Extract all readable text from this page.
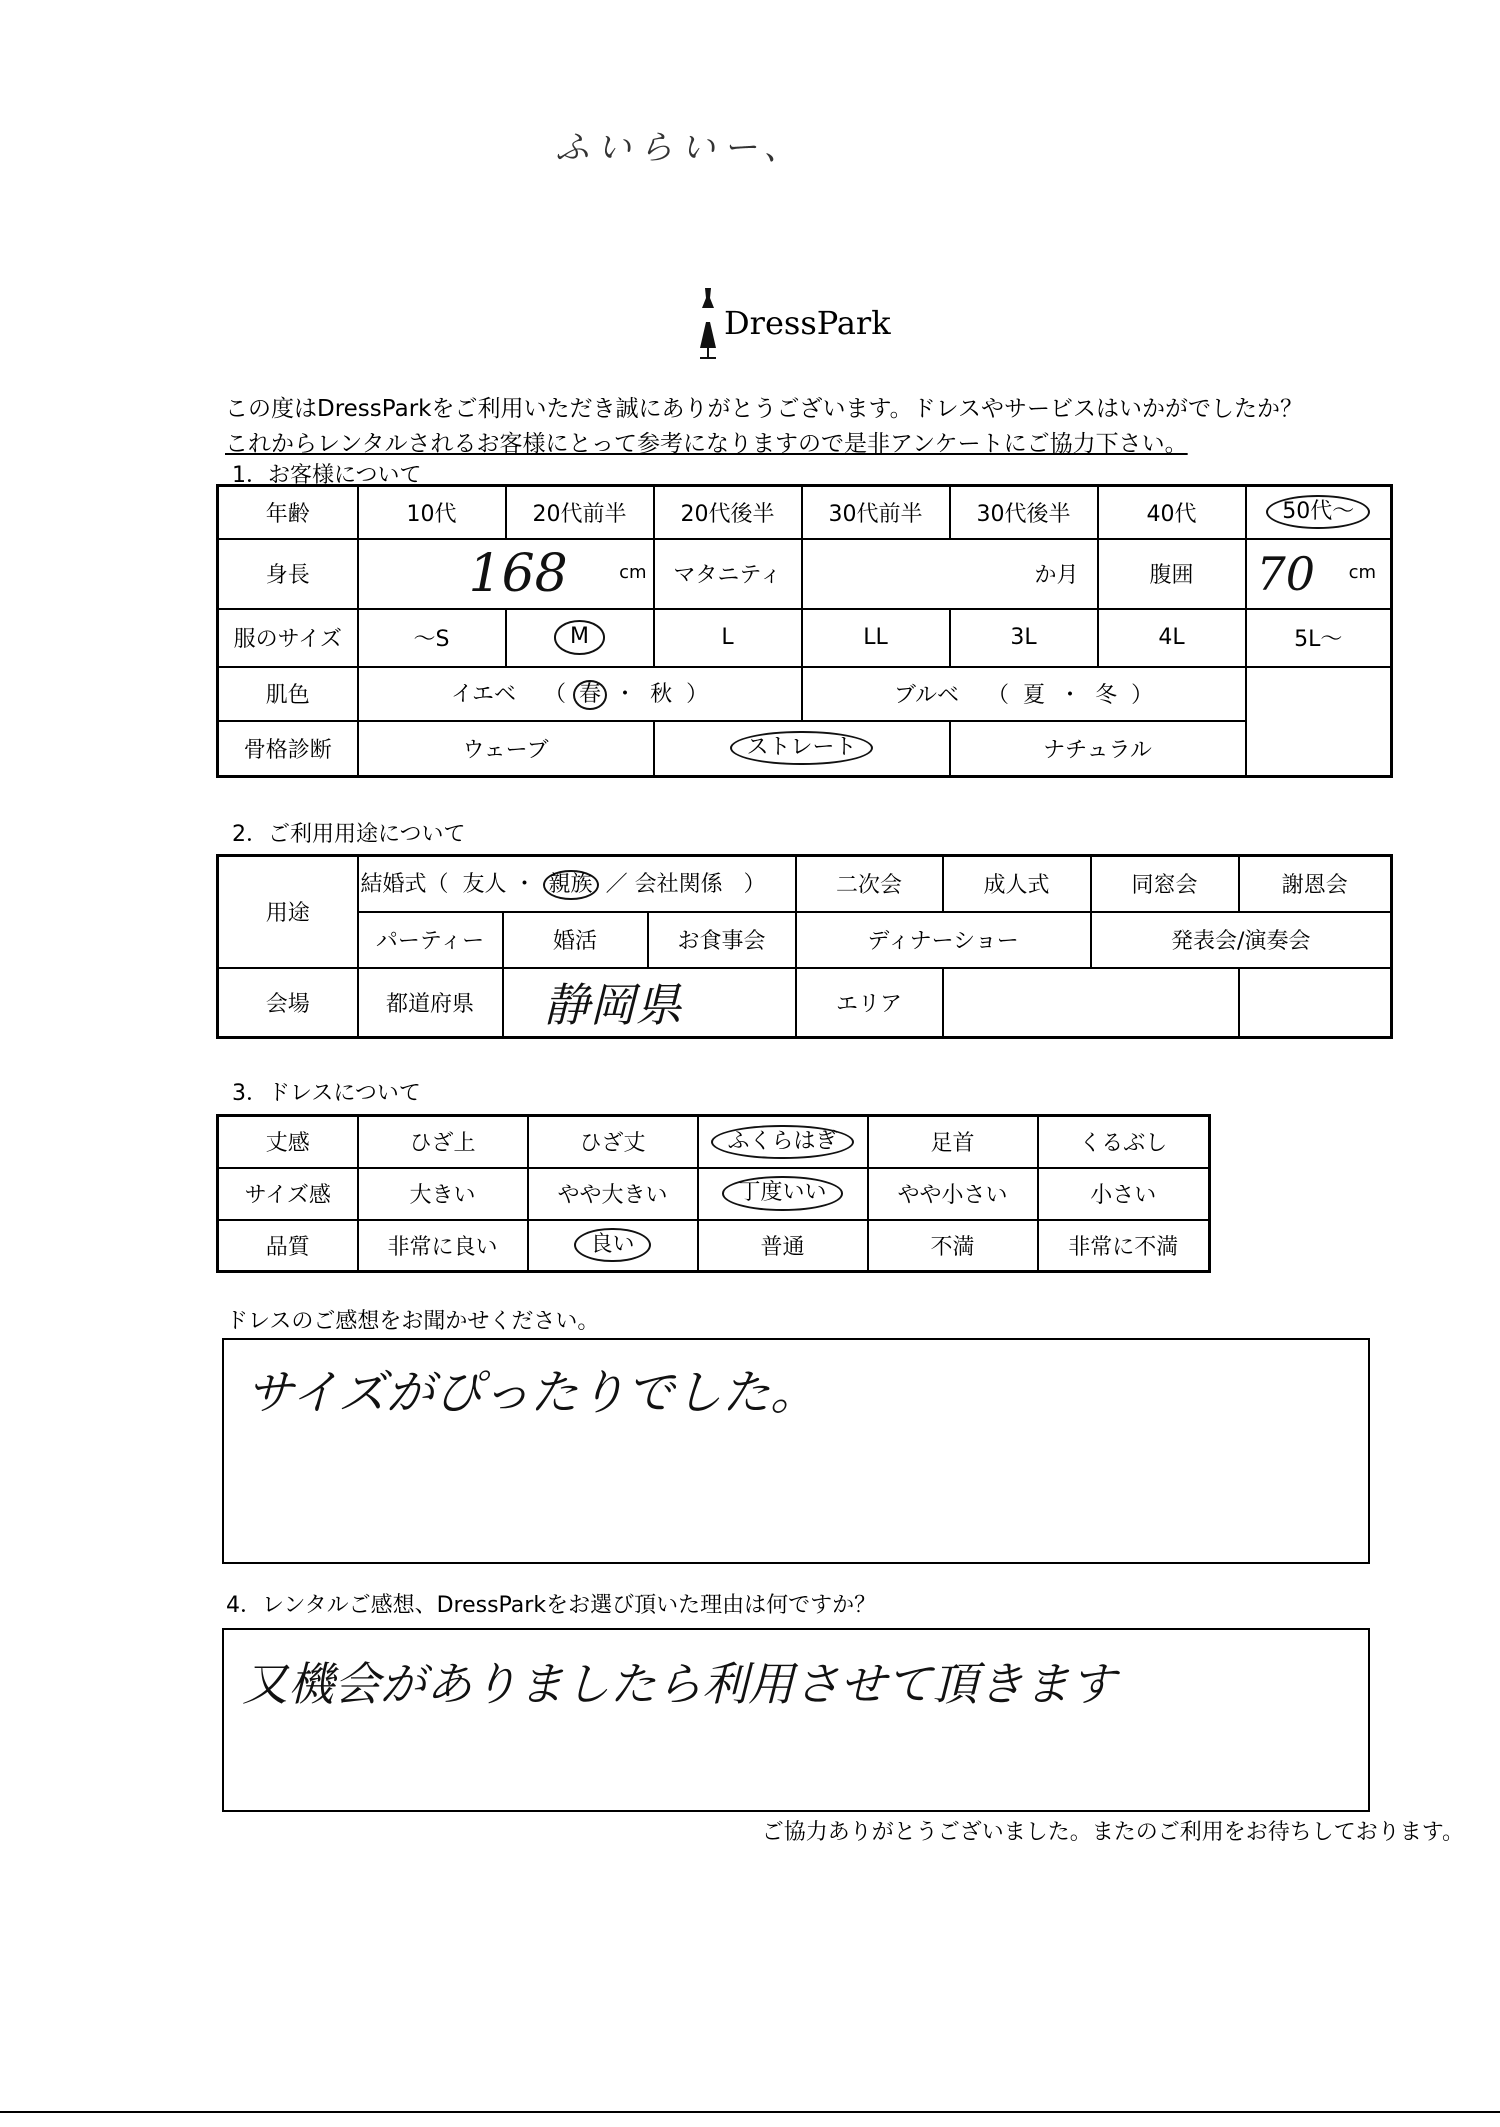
ふいらいー、
DressPark
この度はDressParkをご利用いただき誠にありがとうございます。ドレスやサービスはいかがでしたか？
これからレンタルされるお客様にとって参考になりますので是非アンケートにご協力下さい。
1．お客様について
年齢	10代	20代前半	20代後半	30代前半	30代後半	40代	50代～
身長	168 cm		マタニティ	か月		腹囲	70 cm

服のサイズ	～S	M	L	LL	3L	4L	5L～
肌色	イエベ （ 春 ・ 秋 ）			ブルベ （ 夏 ・ 冬 ）			
骨格診断	ウェーブ		ストレート		ナチュラル		
2．ご利用用途について
用途	結婚式（ 友人 ・ 親族 ／ 会社関係 ）			二次会	成人式	同窓会	謝恩会
	パーティー	婚活	お食事会	ディナーショー		発表会/演奏会	
会場	都道府県	静岡県		エリア			
3．ドレスについて
丈感	ひざ上	ひざ丈	ふくらはぎ	足首	くるぶし
サイズ感	大きい	やや大きい	丁度いい	やや小さい	小さい
品質	非常に良い	良い	普通	不満	非常に不満
ドレスのご感想をお聞かせください。
サイズがぴったりでした。
4．レンタルご感想、DressParkをお選び頂いた理由は何ですか？
又機会がありましたら利用させて頂きます
ご協力ありがとうございました。またのご利用をお待ちしております。
